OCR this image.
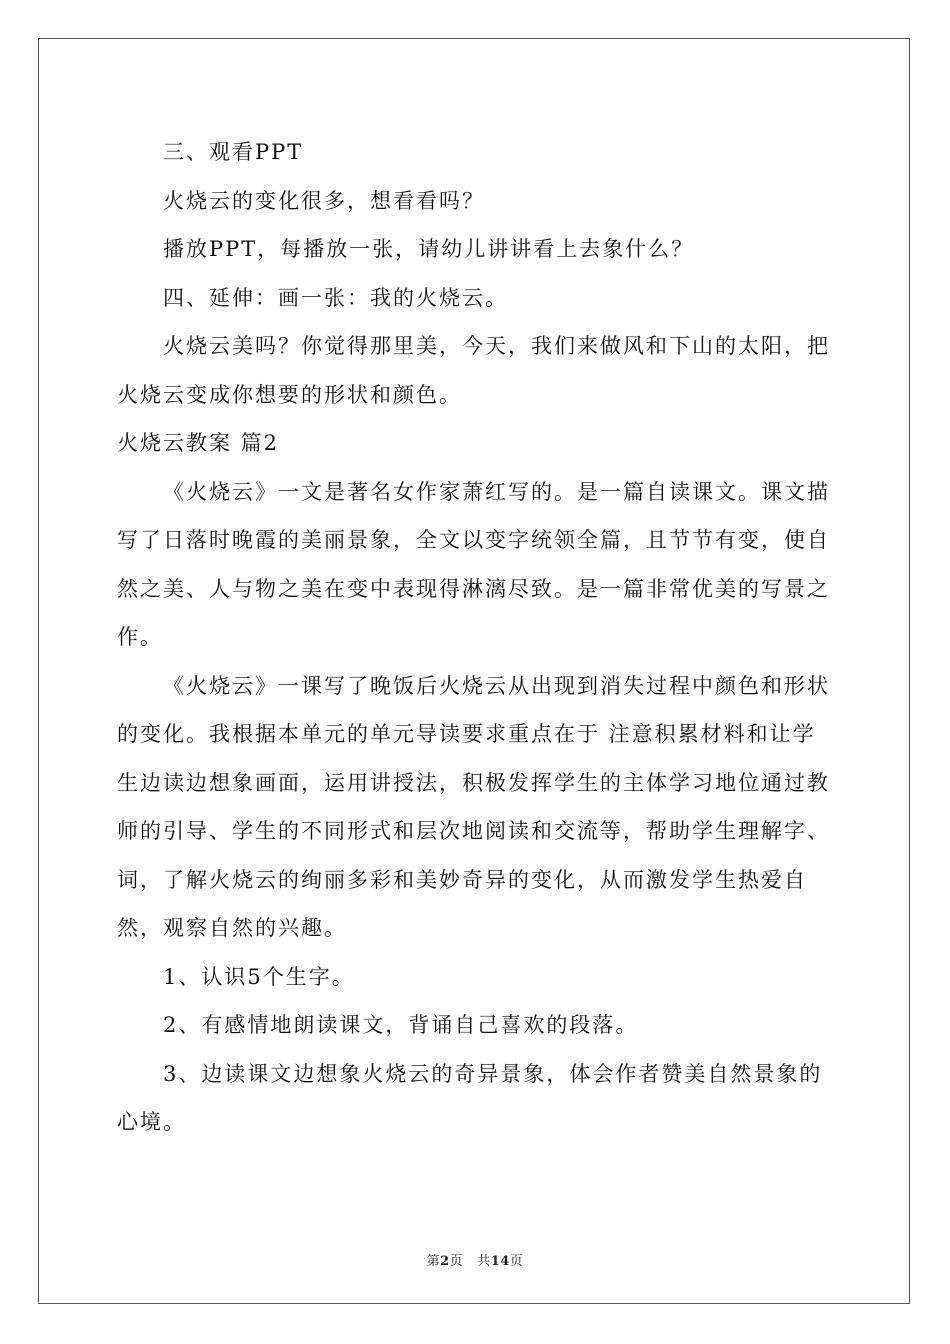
三、观看PPT

火烧云的变化很多，想看看吗？

播放PPT，每播放一张，请幼儿讲讲看上去象什么？

四、延伸：画一张：我的火烧云。

火烧云美吗？你觉得那里美，今天，我们来做风和下山的太阳，把火烧云变成你想要的形状和颜色。

火烧云教案 篇2

《火烧云》一文是著名女作家萧红写的。是一篇自读课文。课文描写了日落时晚霞的美丽景象，全文以变字统领全篇，且节节有变，使自然之美、人与物之美在变中表现得淋漓尽致。是一篇非常优美的写景之作。

《火烧云》一课写了晚饭后火烧云从出现到消失过程中颜色和形状的变化。我根据本单元的单元导读要求重点在于 注意积累材料和让学生边读边想象画面，运用讲授法，积极发挥学生的主体学习地位通过教师的引导、学生的不同形式和层次地阅读和交流等，帮助学生理解字、词，了解火烧云的绚丽多彩和美妙奇异的变化，从而激发学生热爱自然，观察自然的兴趣。

1、认识5个生字。

2、有感情地朗读课文，背诵自己喜欢的段落。

3、边读课文边想象火烧云的奇异景象，体会作者赞美自然景象的心境。

第2页 共14页
